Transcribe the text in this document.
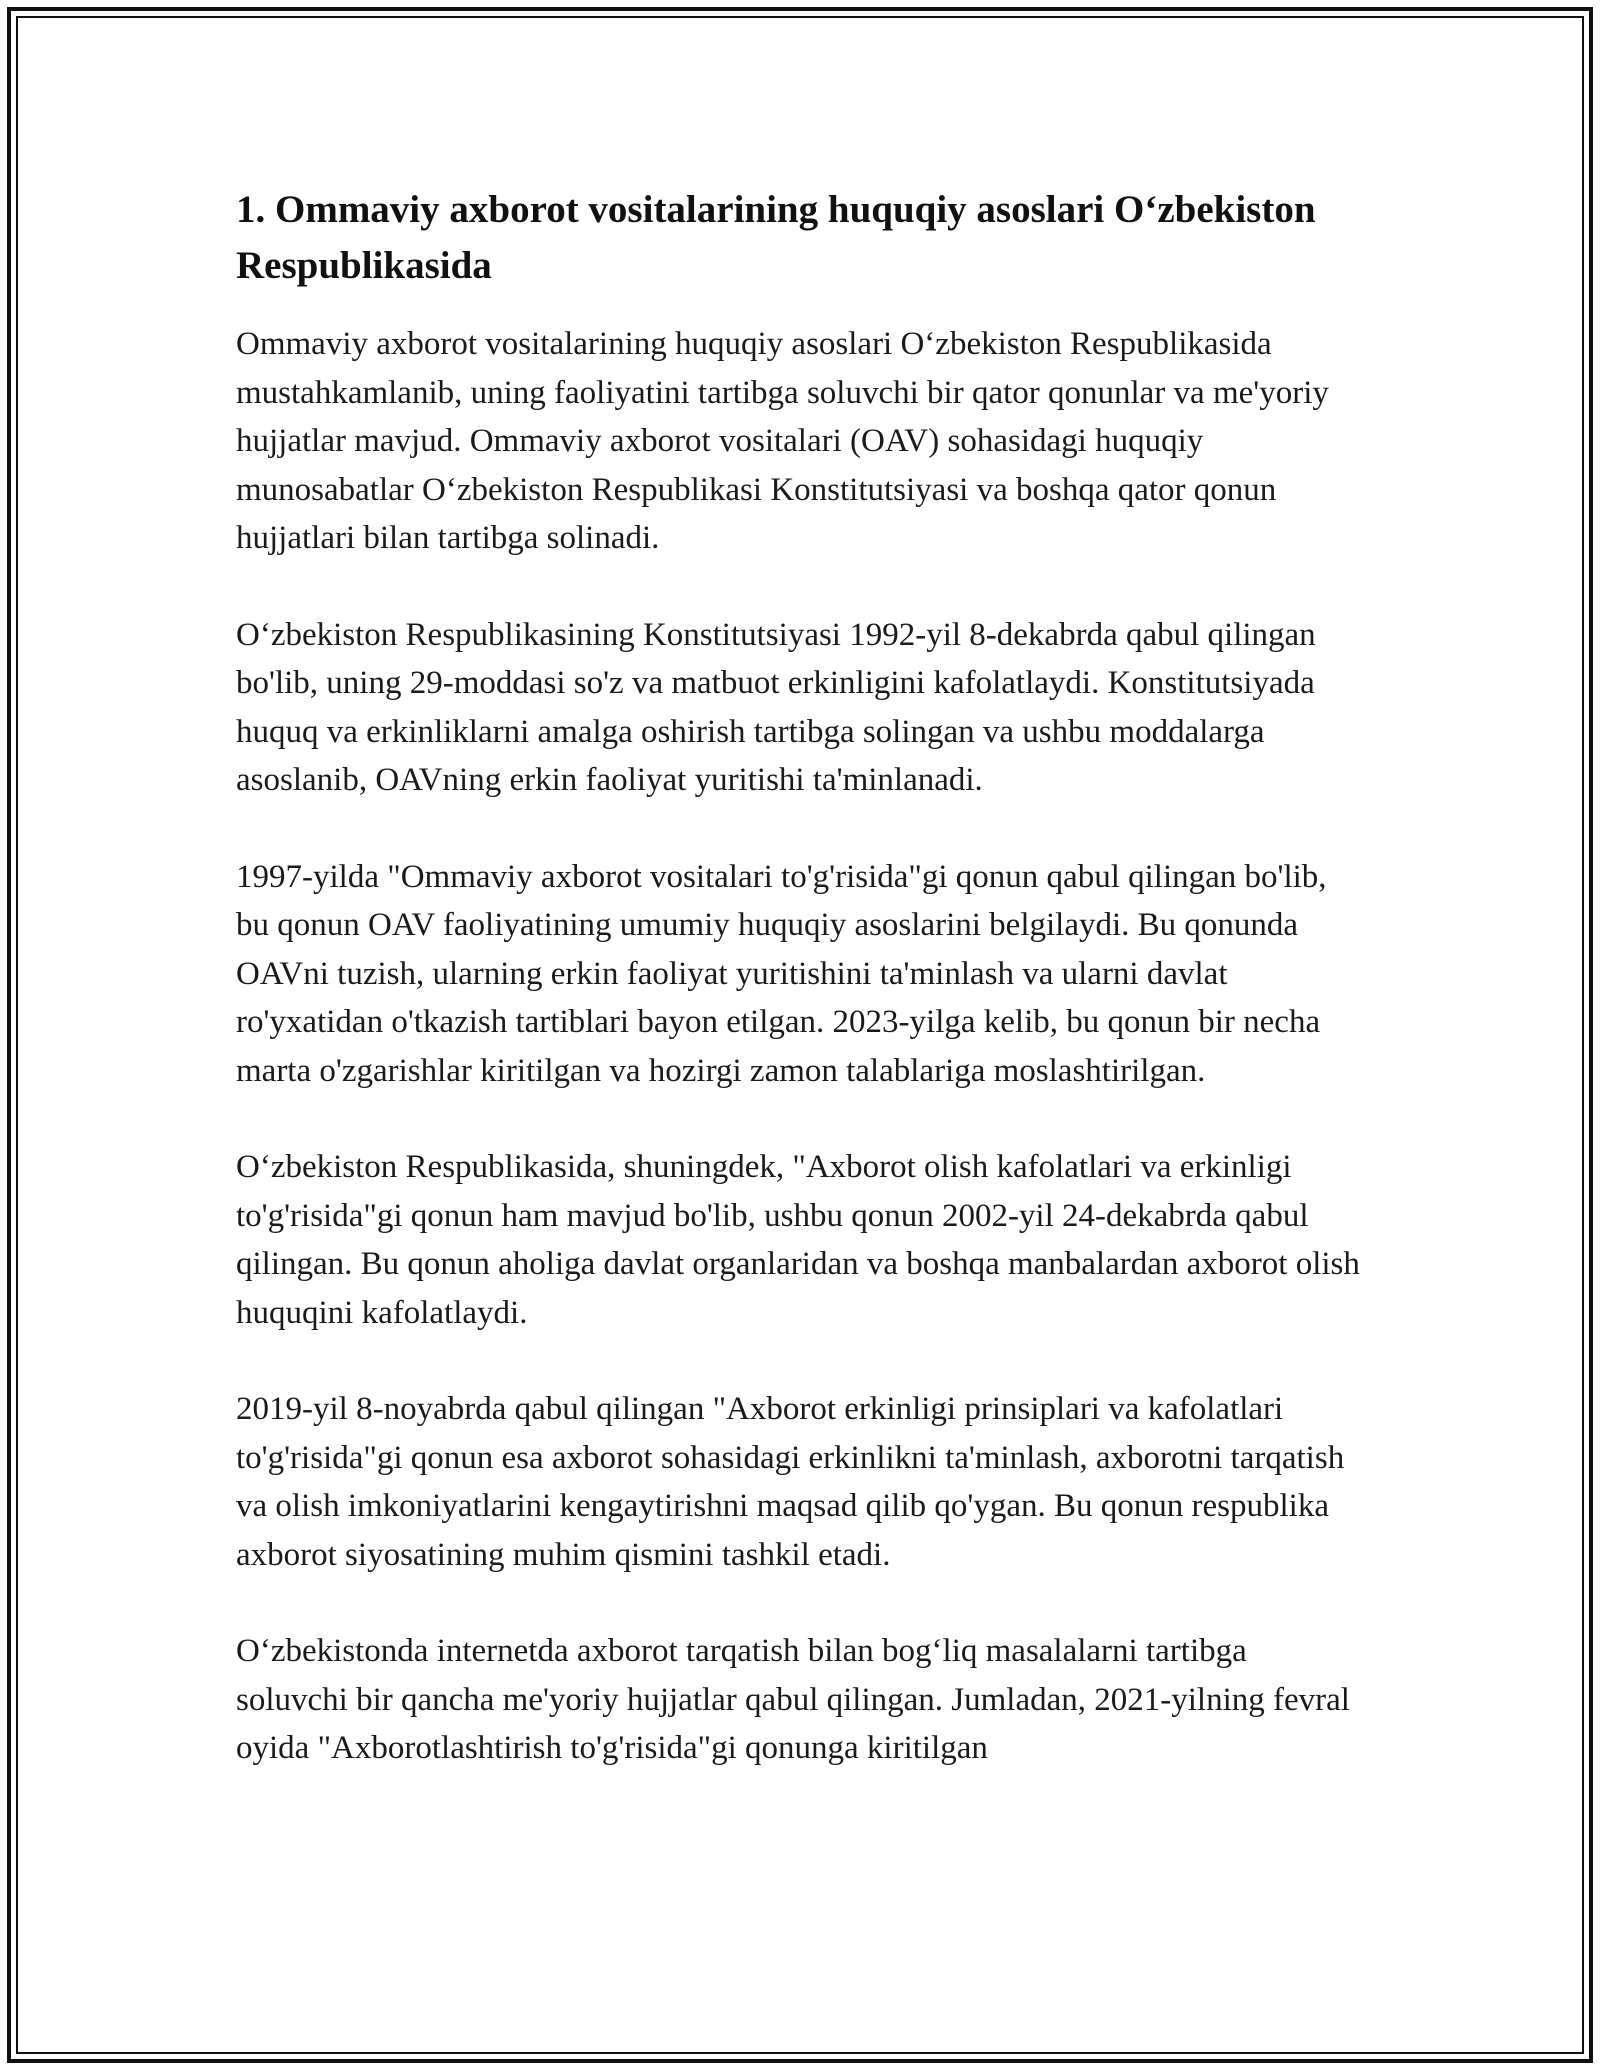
1. Ommaviy axborot vositalarining huquqiy asoslari O‘zbekiston Respublikasida

Ommaviy axborot vositalarining huquqiy asoslari O‘zbekiston Respublikasida mustahkamlanib, uning faoliyatini tartibga soluvchi bir qator qonunlar va me'yoriy hujjatlar mavjud. Ommaviy axborot vositalari (OAV) sohasidagi huquqiy munosabatlar O‘zbekiston Respublikasi Konstitutsiyasi va boshqa qator qonun hujjatlari bilan tartibga solinadi.

O‘zbekiston Respublikasining Konstitutsiyasi 1992-yil 8-dekabrda qabul qilingan bo'lib, uning 29-moddasi so'z va matbuot erkinligini kafolatlaydi. Konstitutsiyada huquq va erkinliklarni amalga oshirish tartibga solingan va ushbu moddalarga asoslanib, OAVning erkin faoliyat yuritishi ta'minlanadi.

1997-yilda "Ommaviy axborot vositalari to'g'risida"gi qonun qabul qilingan bo'lib, bu qonun OAV faoliyatining umumiy huquqiy asoslarini belgilaydi. Bu qonunda OAVni tuzish, ularning erkin faoliyat yuritishini ta'minlash va ularni davlat ro'yxatidan o'tkazish tartiblari bayon etilgan. 2023-yilga kelib, bu qonun bir necha marta o'zgarishlar kiritilgan va hozirgi zamon talablariga moslashtirilgan.

O‘zbekiston Respublikasida, shuningdek, "Axborot olish kafolatlari va erkinligi to'g'risida"gi qonun ham mavjud bo'lib, ushbu qonun 2002-yil 24-dekabrda qabul qilingan. Bu qonun aholiga davlat organlaridan va boshqa manbalardan axborot olish huquqini kafolatlaydi.

2019-yil 8-noyabrda qabul qilingan "Axborot erkinligi prinsiplari va kafolatlari to'g'risida"gi qonun esa axborot sohasidagi erkinlikni ta'minlash, axborotni tarqatish va olish imkoniyatlarini kengaytirishni maqsad qilib qo'ygan. Bu qonun respublika axborot siyosatining muhim qismini tashkil etadi.

O‘zbekistonda internetda axborot tarqatish bilan bog‘liq masalalarni tartibga soluvchi bir qancha me'yoriy hujjatlar qabul qilingan. Jumladan, 2021-yilning fevral oyida "Axborotlashtirish to'g'risida"gi qonunga kiritilgan
